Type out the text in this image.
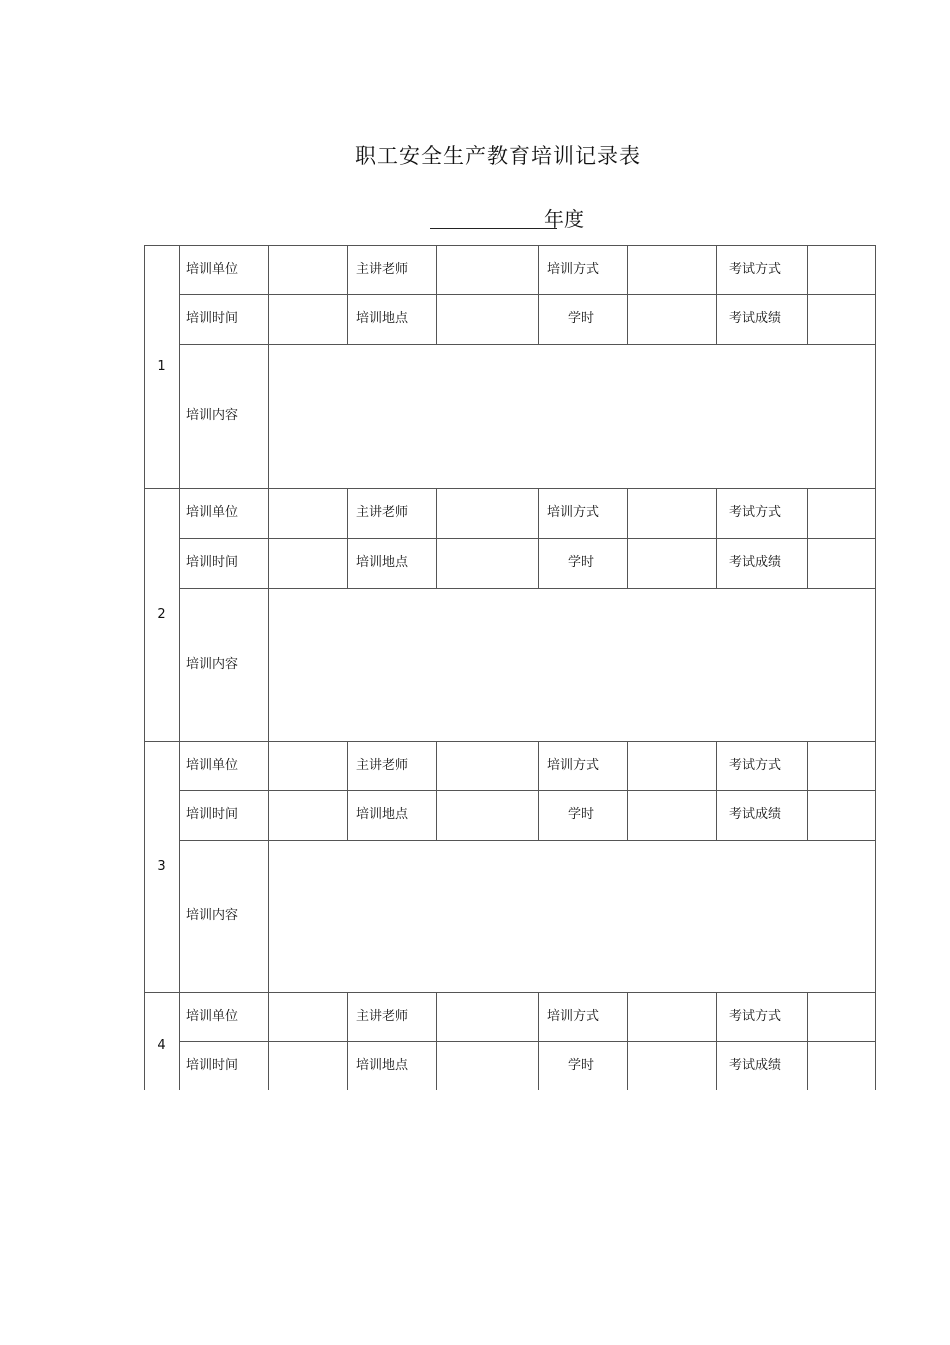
职工安全生产教育培训记录表
年度
1
培训单位	主讲老师	培训方式	考试方式
培训时间	培训地点	学时	考试成绩
培训内容
2
培训单位	主讲老师	培训方式	考试方式
培训时间	培训地点	学时	考试成绩
培训内容
3
培训单位	主讲老师	培训方式	考试方式
培训时间	培训地点	学时	考试成绩
培训内容
4
培训单位	主讲老师	培训方式	考试方式
培训时间	培训地点	学时	考试成绩
